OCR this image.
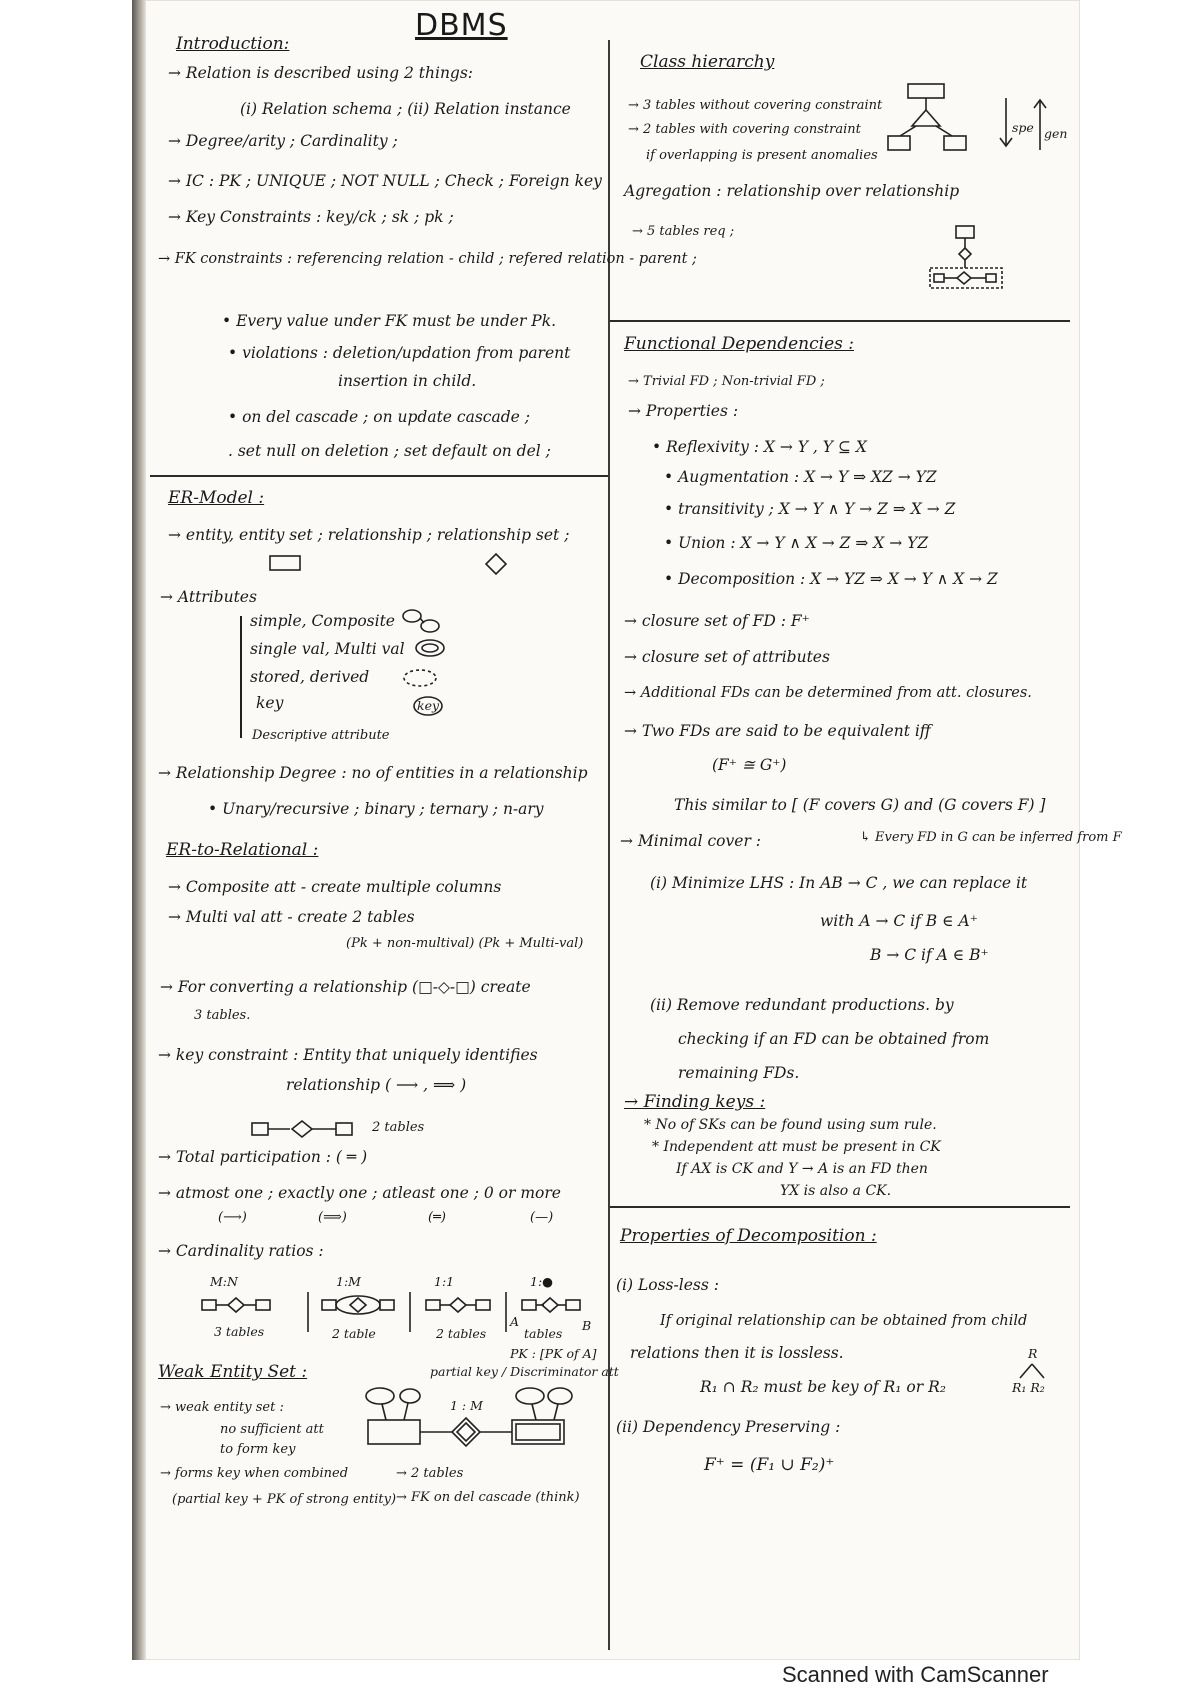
DBMS
Introduction:
→ Relation is described using 2 things:
(i) Relation schema ; (ii) Relation instance
→ Degree/arity ; Cardinality ;
→ IC : PK ; UNIQUE ; NOT NULL ; Check ; Foreign key
→ Key Constraints : key/ck ; sk ; pk ;
→ FK constraints : referencing relation - child ; refered relation - parent ;
• Every value under FK must be under Pk.
• violations : deletion/updation from parent
insertion in child.
• on del cascade ; on update cascade ;
. set null on deletion ; set default on del ;
ER-Model :
→ entity, entity set ; relationship ; relationship set ;
→ Attributes
simple, Composite
single val, Multi val
stored, derived
key
Descriptive attribute
key
→ Relationship Degree : no of entities in a relationship
• Unary/recursive ; binary ; ternary ; n-ary
ER-to-Relational :
→ Composite att - create multiple columns
→ Multi val att - create 2 tables
(Pk + non-multival) (Pk + Multi-val)
→ For converting a relationship (□-◇-□) create
3 tables.
→ key constraint : Entity that uniquely identifies
relationship ( ⟶ , ⟹ )
2 tables
→ Total participation : ( ═ )
→ atmost one ; exactly one ; atleast one ; 0 or more
(⟶)	(⟹)	(═)	(—)
→ Cardinality ratios :
M:N	1:M	1:1	1:●
3 tables	2 table	2 tables	tables
A	B
PK : [PK of A]
Weak Entity Set :	partial key / Discriminator att
→ weak entity set :
no sufficient att
to form key
→ forms key when combined
(partial key + PK of strong entity)
1 : M
→ 2 tables
→ FK on del cascade (think)
Class hierarchy
→ 3 tables without covering constraint
→ 2 tables with covering constraint
if overlapping is present anomalies
spe gen
Agregation : relationship over relationship
→ 5 tables req ;
Functional Dependencies :
→ Trivial FD ; Non-trivial FD ;
→ Properties :
• Reflexivity : X → Y , Y ⊆ X
• Augmentation : X → Y ⇒ XZ → YZ
• transitivity ; X → Y ∧ Y → Z ⇒ X → Z
• Union : X → Y ∧ X → Z ⇒ X → YZ
• Decomposition : X → YZ ⇒ X → Y ∧ X → Z
→ closure set of FD : F⁺
→ closure set of attributes
→ Additional FDs can be determined from att. closures.
→ Two FDs are said to be equivalent iff
(F⁺ ≅ G⁺)
This similar to [ (F covers G) and (G covers F) ]
→ Minimal cover :	↳ Every FD in G can be inferred from F
(i) Minimize LHS : In AB → C , we can replace it
with A → C if B ∈ A⁺
B → C if A ∈ B⁺
(ii) Remove redundant productions. by
checking if an FD can be obtained from
remaining FDs.
→ Finding keys :
* No of SKs can be found using sum rule.
* Independent att must be present in CK
Properties of Decomposition :
(i) Loss-less :
If original relationship can be obtained from child
relations then it is lossless.
R₁ ∩ R₂ must be key of R₁ or R₂
R
R₁ R₂
(ii) Dependency Preserving :
F⁺ = (F₁ ∪ F₂)⁺
Scanned with CamScanner
If AX is CK and Y → A is an FD then
YX is also a CK.
